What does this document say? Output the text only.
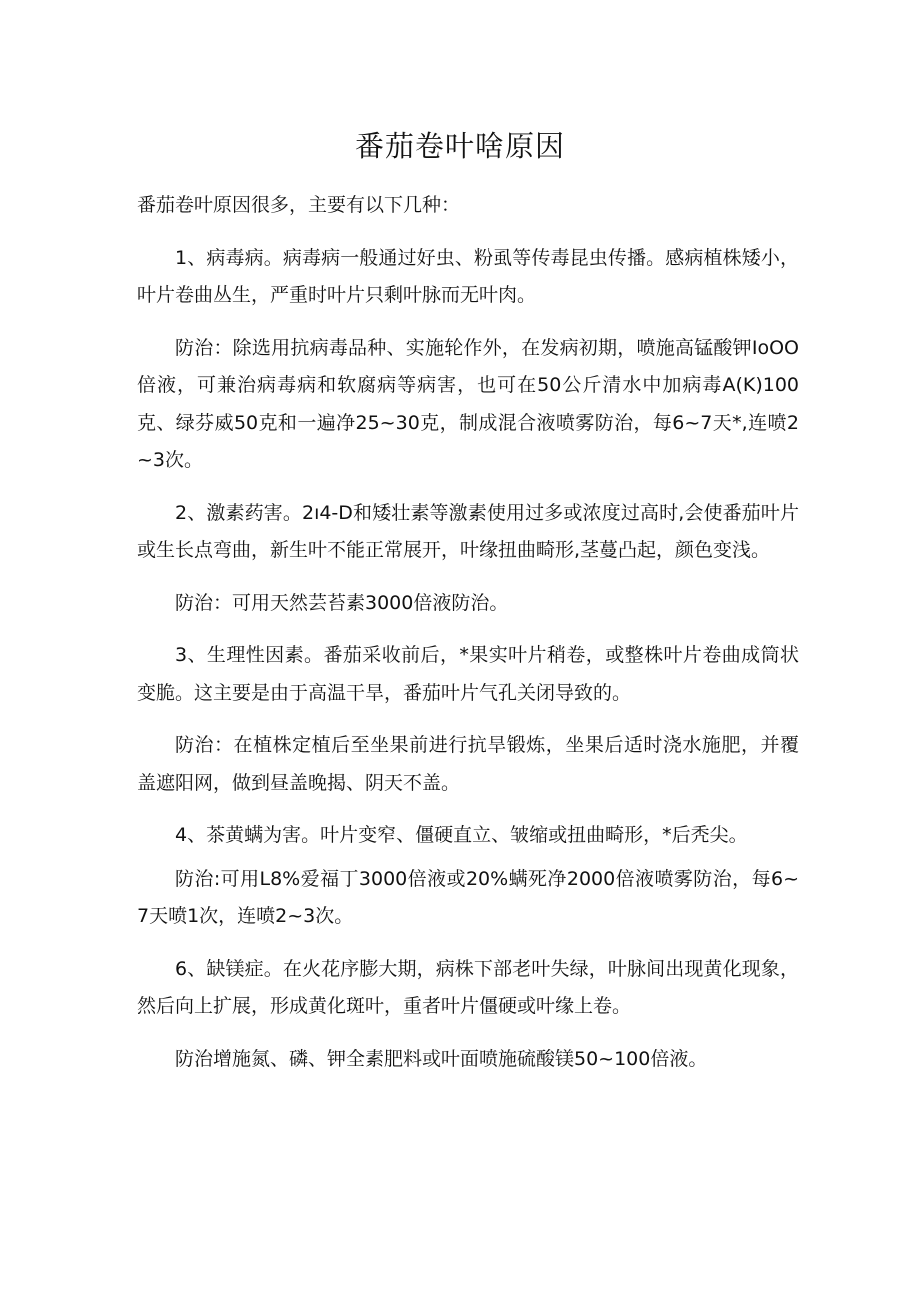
番茄卷叶啥原因

番茄卷叶原因很多，主要有以下几种：

1、病毒病。病毒病一般通过好虫、粉虱等传毒昆虫传播。感病植株矮小，叶片卷曲丛生，严重时叶片只剩叶脉而无叶肉。

防治：除选用抗病毒品种、实施轮作外，在发病初期，喷施高锰酸钾IoOO倍液，可兼治病毒病和软腐病等病害，也可在50公斤清水中加病毒A(K)100克、绿芬威50克和一遍净25~30克，制成混合液喷雾防治，每6~7天*,连喷2~3次。

2、激素药害。2ı4-D和矮壮素等激素使用过多或浓度过高时,会使番茄叶片或生长点弯曲，新生叶不能正常展开，叶缘扭曲畸形,茎蔓凸起，颜色变浅。

防治：可用天然芸苔素3000倍液防治。

3、生理性因素。番茄采收前后，*果实叶片稍卷，或整株叶片卷曲成筒状变脆。这主要是由于高温干旱，番茄叶片气孔关闭导致的。

防治：在植株定植后至坐果前进行抗旱锻炼，坐果后适时浇水施肥，并覆盖遮阳网，做到昼盖晚揭、阴天不盖。

4、茶黄螨为害。叶片变窄、僵硬直立、皱缩或扭曲畸形，*后秃尖。

防治:可用L8%爱福丁3000倍液或20%螨死净2000倍液喷雾防治，每6~7天喷1次，连喷2~3次。

6、缺镁症。在火花序膨大期，病株下部老叶失绿，叶脉间出现黄化现象，然后向上扩展，形成黄化斑叶，重者叶片僵硬或叶缘上卷。

防治增施氮、磷、钾全素肥料或叶面喷施硫酸镁50~100倍液。
